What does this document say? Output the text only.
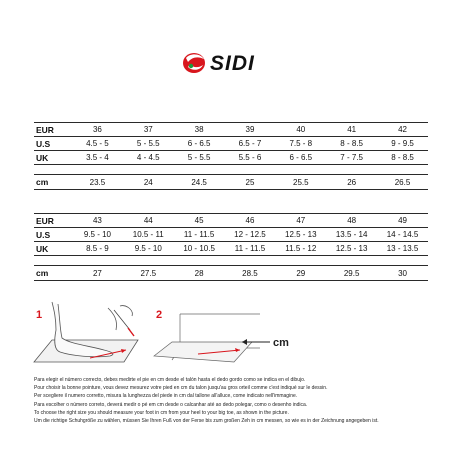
SIDI
EUR	36	37	38	39	40	41	42
U.S	4.5 - 5	5 - 5.5	6 - 6.5	6.5 - 7	7.5 - 8	8 - 8.5	9 - 9.5
UK	3.5 - 4	4 - 4.5	5 - 5.5	5.5 - 6	6 - 6.5	7 - 7.5	8 - 8.5
cm	23.5	24	24.5	25	25.5	26	26.5
EUR	43	44	45	46	47	48	49
U.S	9.5 - 10	10.5 - 11	11 - 11.5	12 - 12.5	12.5 - 13	13.5 - 14	14 - 14.5
UK	8.5 - 9	9.5 - 10	10 - 10.5	11 - 11.5	11.5 - 12	12.5 - 13	13 - 13.5
cm	27	27.5	28	28.5	29	29.5	30
1	2
cm
Para elegir el número correcto, debes medirte el pie en cm desde el talón hasta el dedo gordo como se indica en el dibujo.
Pour choisir la bonne pointure, vous devez mesurez votre pied en cm du talon jusqu'au gros orteil comme c'est indiqué sur le dessin.
Per scegliere il numero corretto, misura la lunghezza del piede in cm dal tallone all'alluce, come indicato nell'immagine.
Para escolher o número correto, deverá medir o pé em cm desde o calcanhar até ao dedo polegar, como o desenho indica.
To choose the right size you should measure your foot in cm from your heel to your big toe, as shown in the picture.
Um die richtige Schuhgröße zu wählen, müssen Sie Ihren Fuß von der Ferse bis zum großen Zeh in cm messen, so wie es in der Zeichnung angegeben ist.
